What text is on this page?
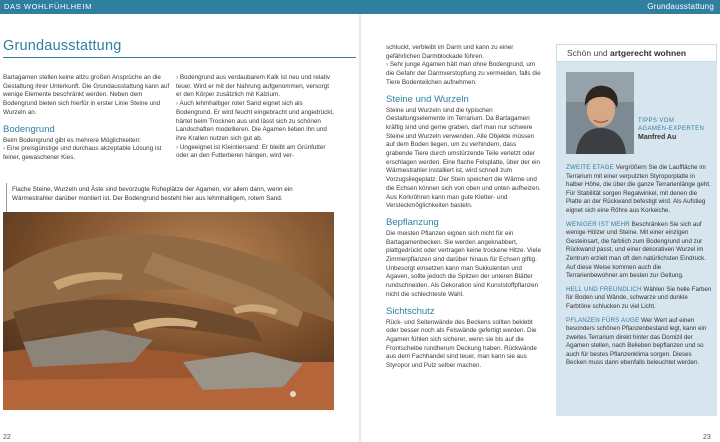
DAS WOHLFÜHLHEIM	Grundausstattung
Grundausstattung

Bartagamen stellen keine allzu großen Ansprüche an die Gestaltung ihrer Unterkunft. Die Grundausstattung kann auf wenige Elemente beschränkt werden. Neben dem Bodengrund bieten sich hierfür in erster Linie Steine und Wurzeln an.

Bodengrund

Beim Bodengrund gibt es mehrere Möglichkeiten:

› Eine preisgünstige und durchaus akzeptable Lösung ist feiner, gewaschener Kies.

› Bodengrund aus verdaubarem Kalk ist neu und relativ teuer. Wird er mit der Nahrung aufgenommen, versorgt er den Körper zusätzlich mit Kalzium.

› Auch lehmhaltiger roter Sand eignet sich als Bodengrund. Er wird feucht eingebracht und angedrückt, härtet beim Trocknen aus und lässt sich zu schönen Landschaften modellieren. Die Agamen lieben ihn und ihre Krallen nutzen sich gut ab.

› Ungeeignet ist Kleintiersand: Er bleibt am Grünfutter oder an den Futtertieren hängen, wird ver-

Flache Steine, Wurzeln und Äste sind bevorzugte Ruheplätze der Agamen, vor allem dann, wenn ein Wärmestrahler darüber montiert ist. Der Bodengrund besteht hier aus lehmhaltigem, rotem Sand.
22

schluckt, verbleibt im Darm und kann zu einer gefährlichen Darmblockade führen.

› Sehr junge Agamen hält man ohne Bodengrund, um die Gefahr der Darmverstopfung zu vermeiden, falls die Tiere Bodenteilchen aufnehmen.

Steine und Wurzeln

Steine und Wurzeln sind die typischen Gestaltungselemente im Terrarium. Da Bartagamen kräftig sind und gerne graben, darf man nur schwere Steine und Wurzeln verwenden. Alle Objekte müssen auf dem Boden liegen, um zu verhindern, dass grabende Tiere durch umstürzende Teile verletzt oder erschlagen werden. Eine flache Felsplatte, über der ein Wärmestrahler installiert ist, wird schnell zum Vorzugsliegeplatz. Der Stein speichert die Wärme und die Echsen können sich von oben und unten aufheizen. Aus Korkröhren kann man gute Kletter- und Versteckmöglichkeiten basteln.

Bepflanzung

Die meisten Pflanzen eignen sich nicht für ein Bartagamenbecken. Sie werden angeknabbert, plattgedrückt oder vertragen keine trockene Hitze. Viele Zimmerpflanzen sind darüber hinaus für Echsen giftig. Unbesorgt einsetzen kann man Sukkulenten und Agaven, sollte jedoch die Spitzen der unteren Blätter rundschneiden. Als Dekoration sind Kunststoffpflanzen nicht die schlechteste Wahl.

Sichtschutz

Rück- und Seitenwände des Beckens sollten beklebt oder besser noch als Felswände gefertigt werden. Die Agamen fühlen sich sicherer, wenn sie bis auf die Frontscheibe rundherum Deckung haben. Rückwände aus dem Fachhandel sind teuer, man kann sie aus Styropor und Putz selber machen.

Schön und artgerecht wohnen
TIPPS VOM
AGAMEN-EXPERTEN
Manfred Au

ZWEITE ETAGE Vergrößern Sie die Lauffläche im Terrarium mit einer verputzten Styroporplatte in halber Höhe, die über die ganze Terrarienlänge geht. Für Stabilität sorgen Regalwinkel, mit denen die Platte an der Rückwand befestigt wird. Als Aufstieg eignet sich eine Röhre aus Korkeiche.

WENIGER IST MEHR Beschränken Sie sich auf wenige Hölzer und Steine. Mit einer einzigen Gesteinsart, die farblich zum Bodengrund und zur Rückwand passt, und einer dekorativen Wurzel im Zentrum erzielt man oft den natürlichsten Eindruck. Auf diese Weise kommen auch die Terrarienbewohner am besten zur Geltung.

HELL UND FREUNDLICH Wählen Sie helle Farben für Boden und Wände, schwarze und dunkle Farbtöne schlucken zu viel Licht.

PFLANZEN FÜRS AUGE Wer Wert auf einen besonders schönen Pflanzenbestand legt, kann ein zweites Terrarium direkt hinter das Domizil der Agamen stellen, nach Belieben bepflanzen und so auch für bestes Pflanzenklima sorgen. Dieses Becken muss dann ebenfalls beleuchtet werden.

23
